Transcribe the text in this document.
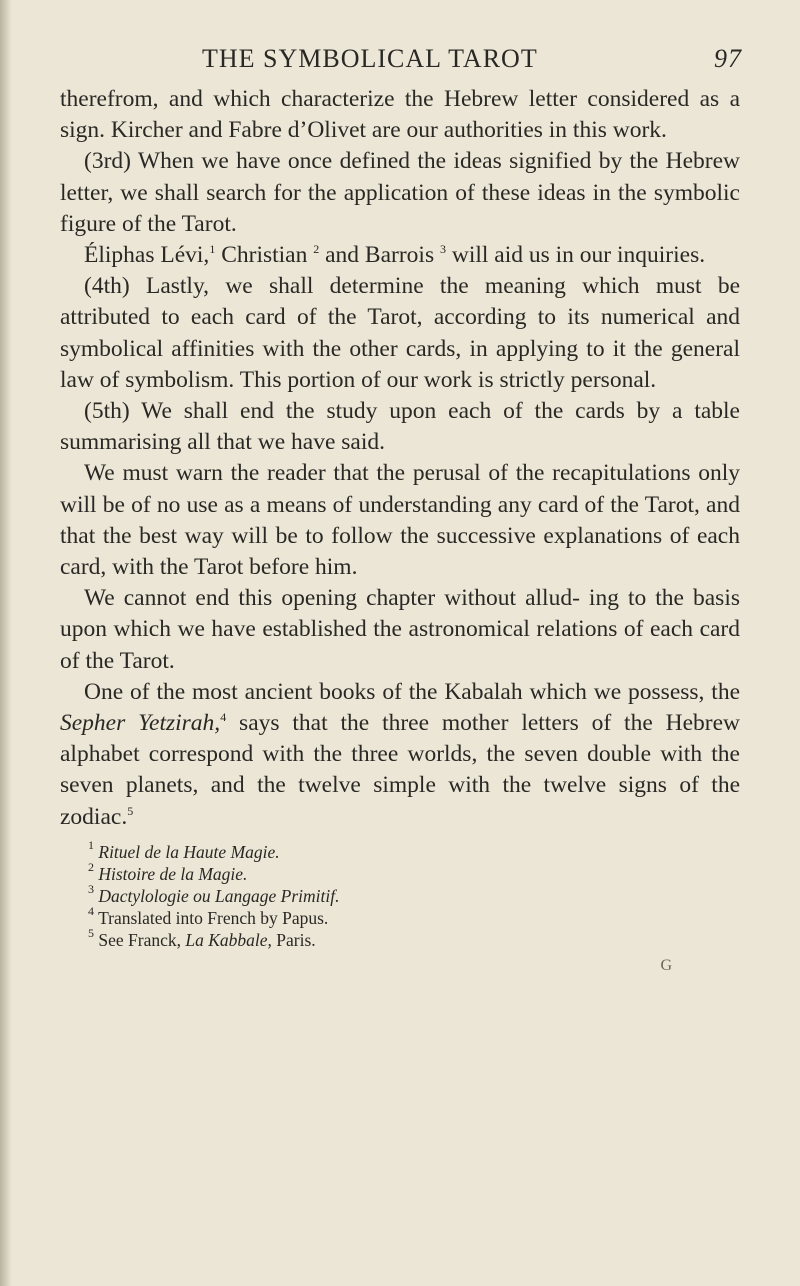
THE SYMBOLICAL TAROT	97

therefrom, and which characterize the Hebrew letter considered as a sign. Kircher and Fabre d’Olivet are our authorities in this work.

(3rd) When we have once defined the ideas signified by the Hebrew letter, we shall search for the application of these ideas in the symbolic figure of the Tarot.

Éliphas Lévi,$^1$ Christian $^2$ and Barrois $^3$ will aid us in our inquiries.

(4th) Lastly, we shall determine the meaning which must be attributed to each card of the Tarot, according to its numerical and symbolical affinities with the other cards, in applying to it the general law of symbolism. This portion of our work is strictly personal.

(5th) We shall end the study upon each of the cards by a table summarising all that we have said.

We must warn the reader that the perusal of the recapitulations only will be of no use as a means of understanding any card of the Tarot, and that the best way will be to follow the successive explanations of each card, with the Tarot before him.

We cannot end this opening chapter without allud- ing to the basis upon which we have established the astronomical relations of each card of the Tarot.

One of the most ancient books of the Kabalah which we possess, the Sepher Yetzirah,$^4$ says that the three mother letters of the Hebrew alphabet correspond with the three worlds, the seven double with the seven planets, and the twelve simple with the twelve signs of the zodiac.$^5$

$^1$ Rituel de la Haute Magie.
$^2$ Histoire de la Magie.
$^3$ Dactylologie ou Langage Primitif.
$^4$ Translated into French by Papus.
$^5$ See Franck, La Kabbale, Paris.
G
